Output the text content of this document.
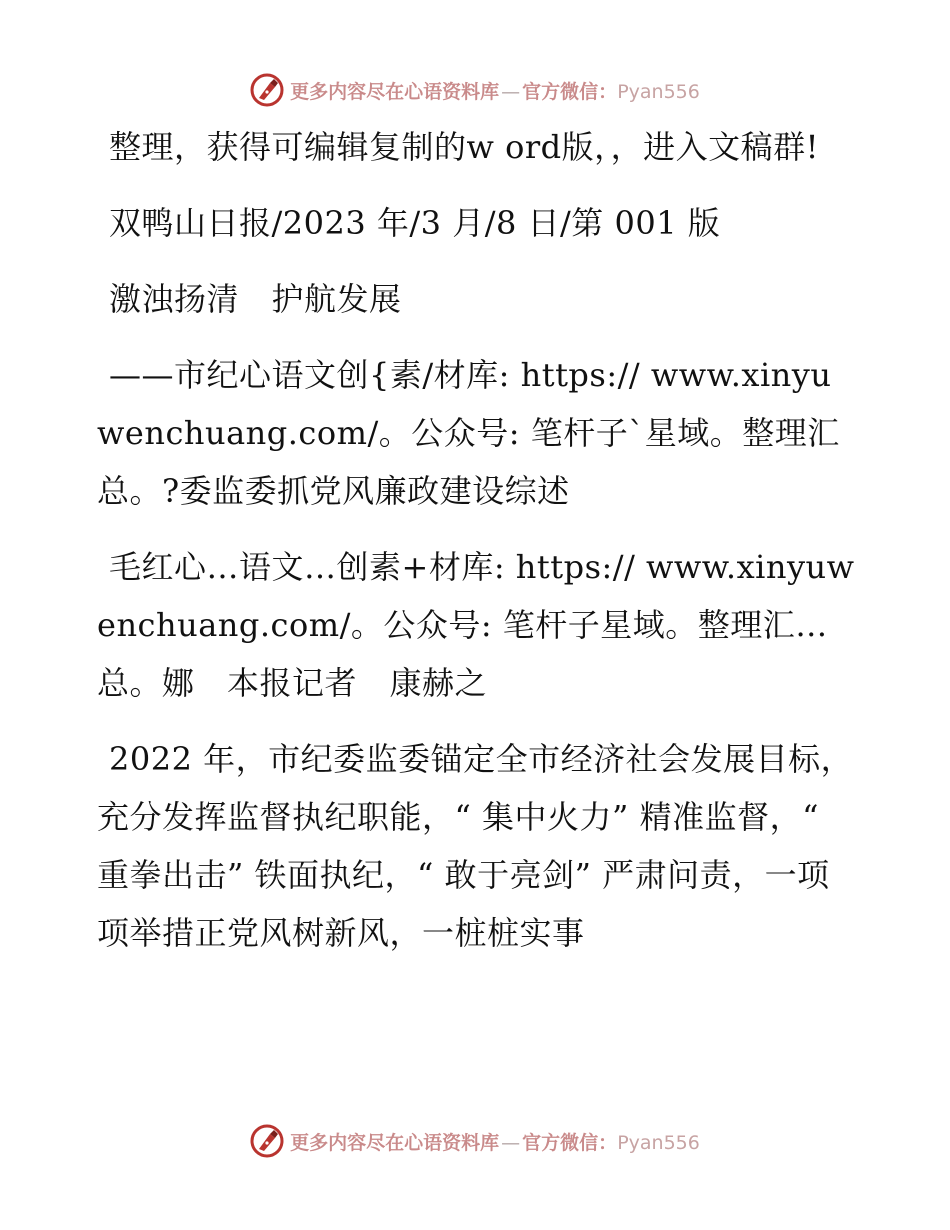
更多内容尽在心语资料库 — 官方微信：Pyan556

整理，获得可编辑复制的w ord版，，进入文稿群!

双鸭山日报/2023 年/3 月/8 日/第 001 版

激浊扬清　护航发展

——市纪心语文创{素/材库: https:// www.xinyuwenchuang.com/。公众号: 笔杆子`星域。整理汇总。?委监委抓党风廉政建设综述

毛红心…语文…创素+材库: https:// www.xinyuwenchuang.com/。公众号: 笔杆子星域。整理汇…总。娜　本报记者　康赫之

2022 年，市纪委监委锚定全市经济社会发展目标，充分发挥监督执纪职能，“ 集中火力” 精准监督，“ 重拳出击” 铁面执纪，“ 敢于亮剑” 严肃问责，一项项举措正党风树新风，一桩桩实事

更多内容尽在心语资料库 — 官方微信：Pyan556
